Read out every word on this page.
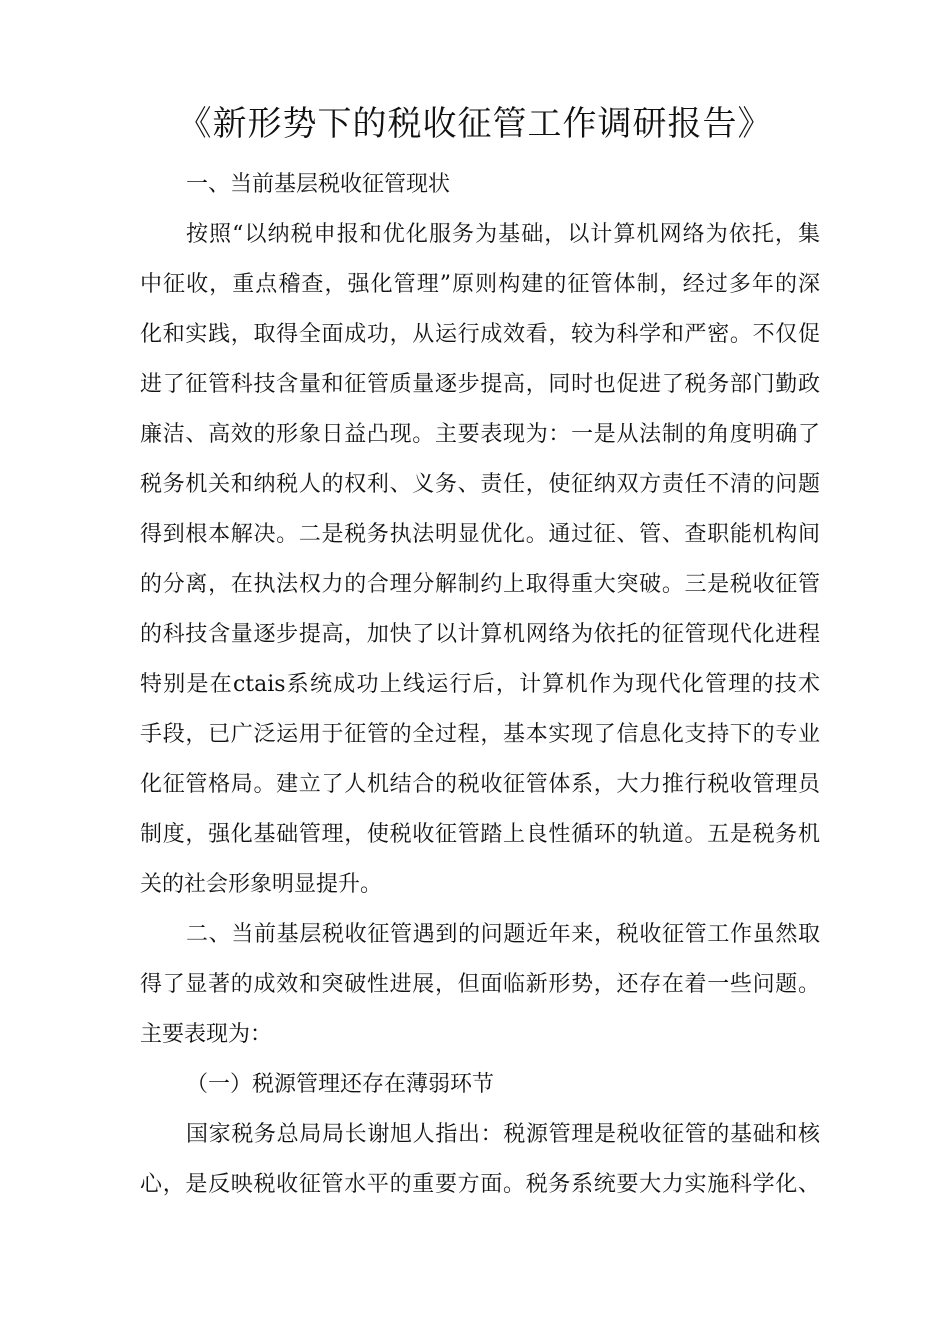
《新形势下的税收征管工作调研报告》
一、当前基层税收征管现状
按照“以纳税申报和优化服务为基础，以计算机网络为依托，集
中征收，重点稽查，强化管理”原则构建的征管体制，经过多年的深
化和实践，取得全面成功，从运行成效看，较为科学和严密。不仅促
进了征管科技含量和征管质量逐步提高，同时也促进了税务部门勤政
廉洁、高效的形象日益凸现。主要表现为：一是从法制的角度明确了
税务机关和纳税人的权利、义务、责任，使征纳双方责任不清的问题
得到根本解决。二是税务执法明显优化。通过征、管、查职能机构间
的分离，在执法权力的合理分解制约上取得重大突破。三是税收征管
的科技含量逐步提高，加快了以计算机网络为依托的征管现代化进程
特别是在ctais系统成功上线运行后，计算机作为现代化管理的技术
手段，已广泛运用于征管的全过程，基本实现了信息化支持下的专业
化征管格局。建立了人机结合的税收征管体系，大力推行税收管理员
制度，强化基础管理，使税收征管踏上良性循环的轨道。五是税务机
关的社会形象明显提升。
二、当前基层税收征管遇到的问题近年来，税收征管工作虽然取
得了显著的成效和突破性进展，但面临新形势，还存在着一些问题。
主要表现为：
（一）税源管理还存在薄弱环节
国家税务总局局长谢旭人指出：税源管理是税收征管的基础和核
心，是反映税收征管水平的重要方面。税务系统要大力实施科学化、
